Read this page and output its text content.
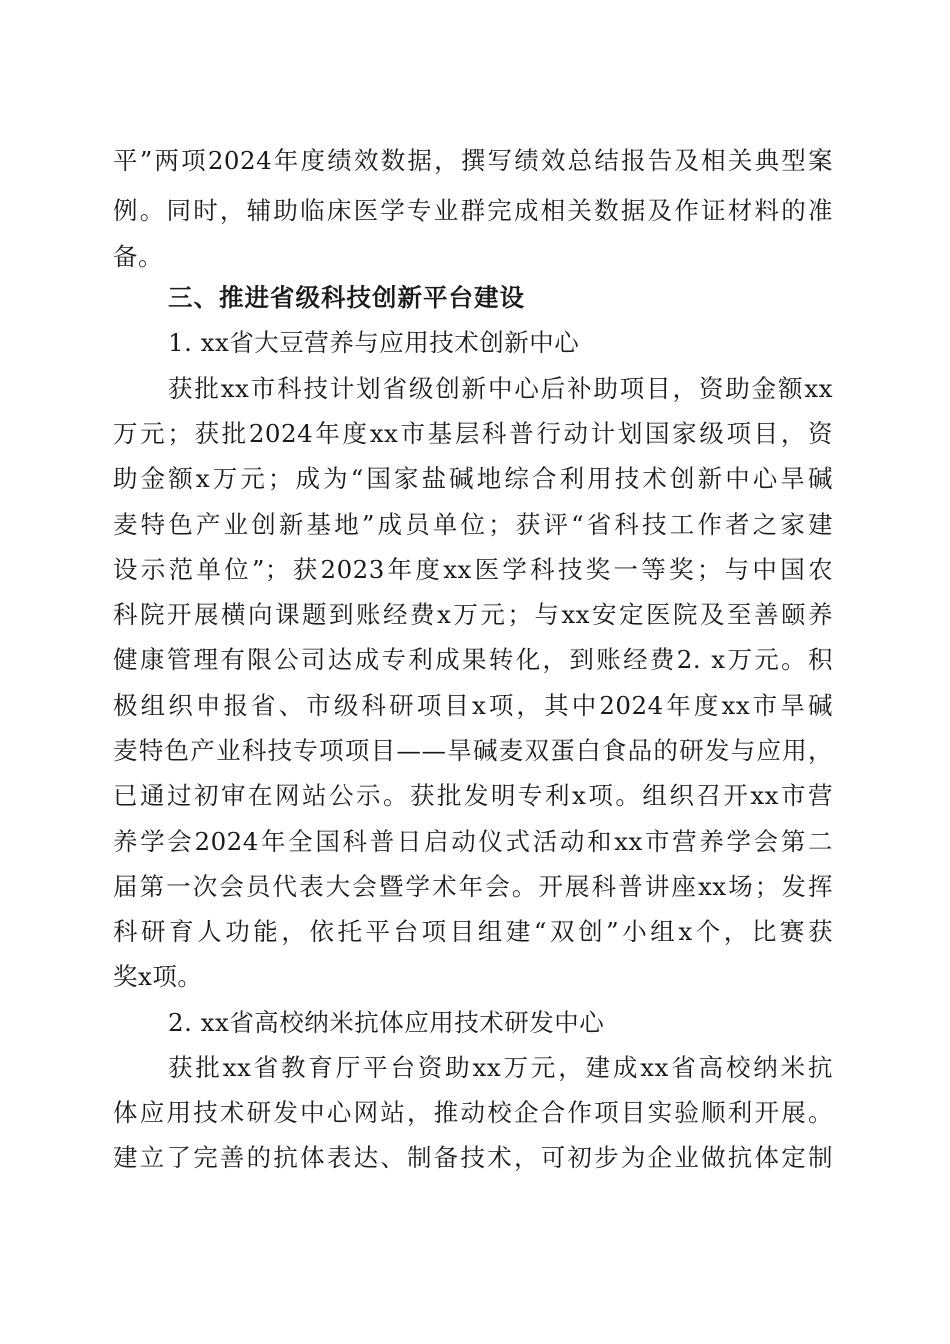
平”两项2024年度绩效数据，撰写绩效总结报告及相关典型案
例。同时，辅助临床医学专业群完成相关数据及作证材料的准
备。
三、推进省级科技创新平台建设
1. xx省大豆营养与应用技术创新中心
获批xx市科技计划省级创新中心后补助项目，资助金额xx
万元；获批2024年度xx市基层科普行动计划国家级项目，资
助金额x万元；成为“国家盐碱地综合利用技术创新中心旱碱
麦特色产业创新基地”成员单位；获评“省科技工作者之家建
设示范单位”；获2023年度xx医学科技奖一等奖；与中国农
科院开展横向课题到账经费x万元；与xx安定医院及至善颐养
健康管理有限公司达成专利成果转化，到账经费2. x万元。积
极组织申报省、市级科研项目x项，其中2024年度xx市旱碱
麦特色产业科技专项项目——旱碱麦双蛋白食品的研发与应用，
已通过初审在网站公示。获批发明专利x项。组织召开xx市营
养学会2024年全国科普日启动仪式活动和xx市营养学会第二
届第一次会员代表大会暨学术年会。开展科普讲座xx场；发挥
科研育人功能，依托平台项目组建“双创”小组x个，比赛获
奖x项。
2. xx省高校纳米抗体应用技术研发中心
获批xx省教育厅平台资助xx万元，建成xx省高校纳米抗
体应用技术研发中心网站，推动校企合作项目实验顺利开展。
建立了完善的抗体表达、制备技术，可初步为企业做抗体定制
